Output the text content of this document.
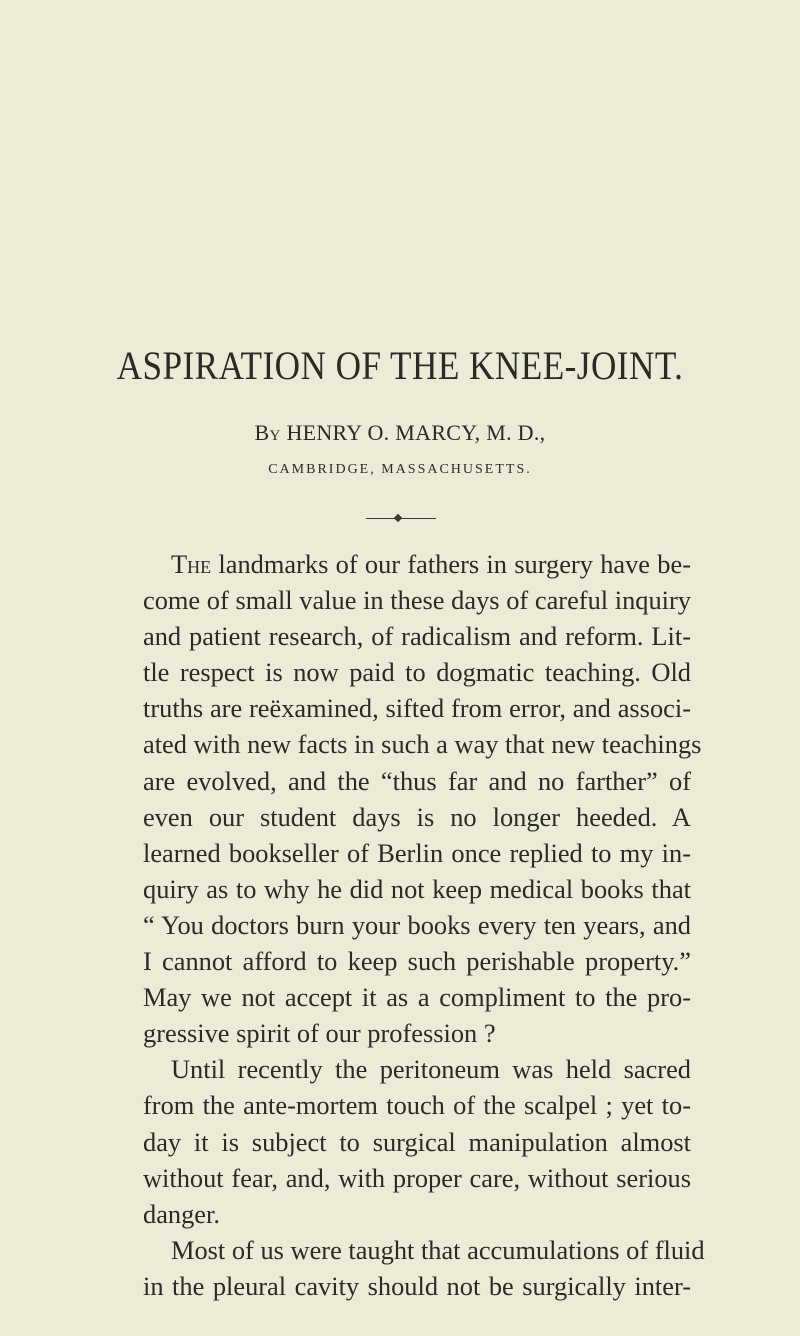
ASPIRATION OF THE KNEE-JOINT.
By HENRY O. MARCY, M. D.,
CAMBRIDGE, MASSACHUSETTS.
The landmarks of our fathers in surgery have be-
come of small value in these days of careful inquiry
and patient research, of radicalism and reform. Lit-
tle respect is now paid to dogmatic teaching. Old
truths are reëxamined, sifted from error, and associ-
ated with new facts in such a way that new teachings
are evolved, and the “thus far and no farther” of
even our student days is no longer heeded. A
learned bookseller of Berlin once replied to my in-
quiry as to why he did not keep medical books that
“ You doctors burn your books every ten years, and
I cannot afford to keep such perishable property.”
May we not accept it as a compliment to the pro-
gressive spirit of our profession ?
Until recently the peritoneum was held sacred
from the ante-mortem touch of the scalpel ; yet to-
day it is subject to surgical manipulation almost
without fear, and, with proper care, without serious
danger.
Most of us were taught that accumulations of fluid
in the pleural cavity should not be surgically inter-
